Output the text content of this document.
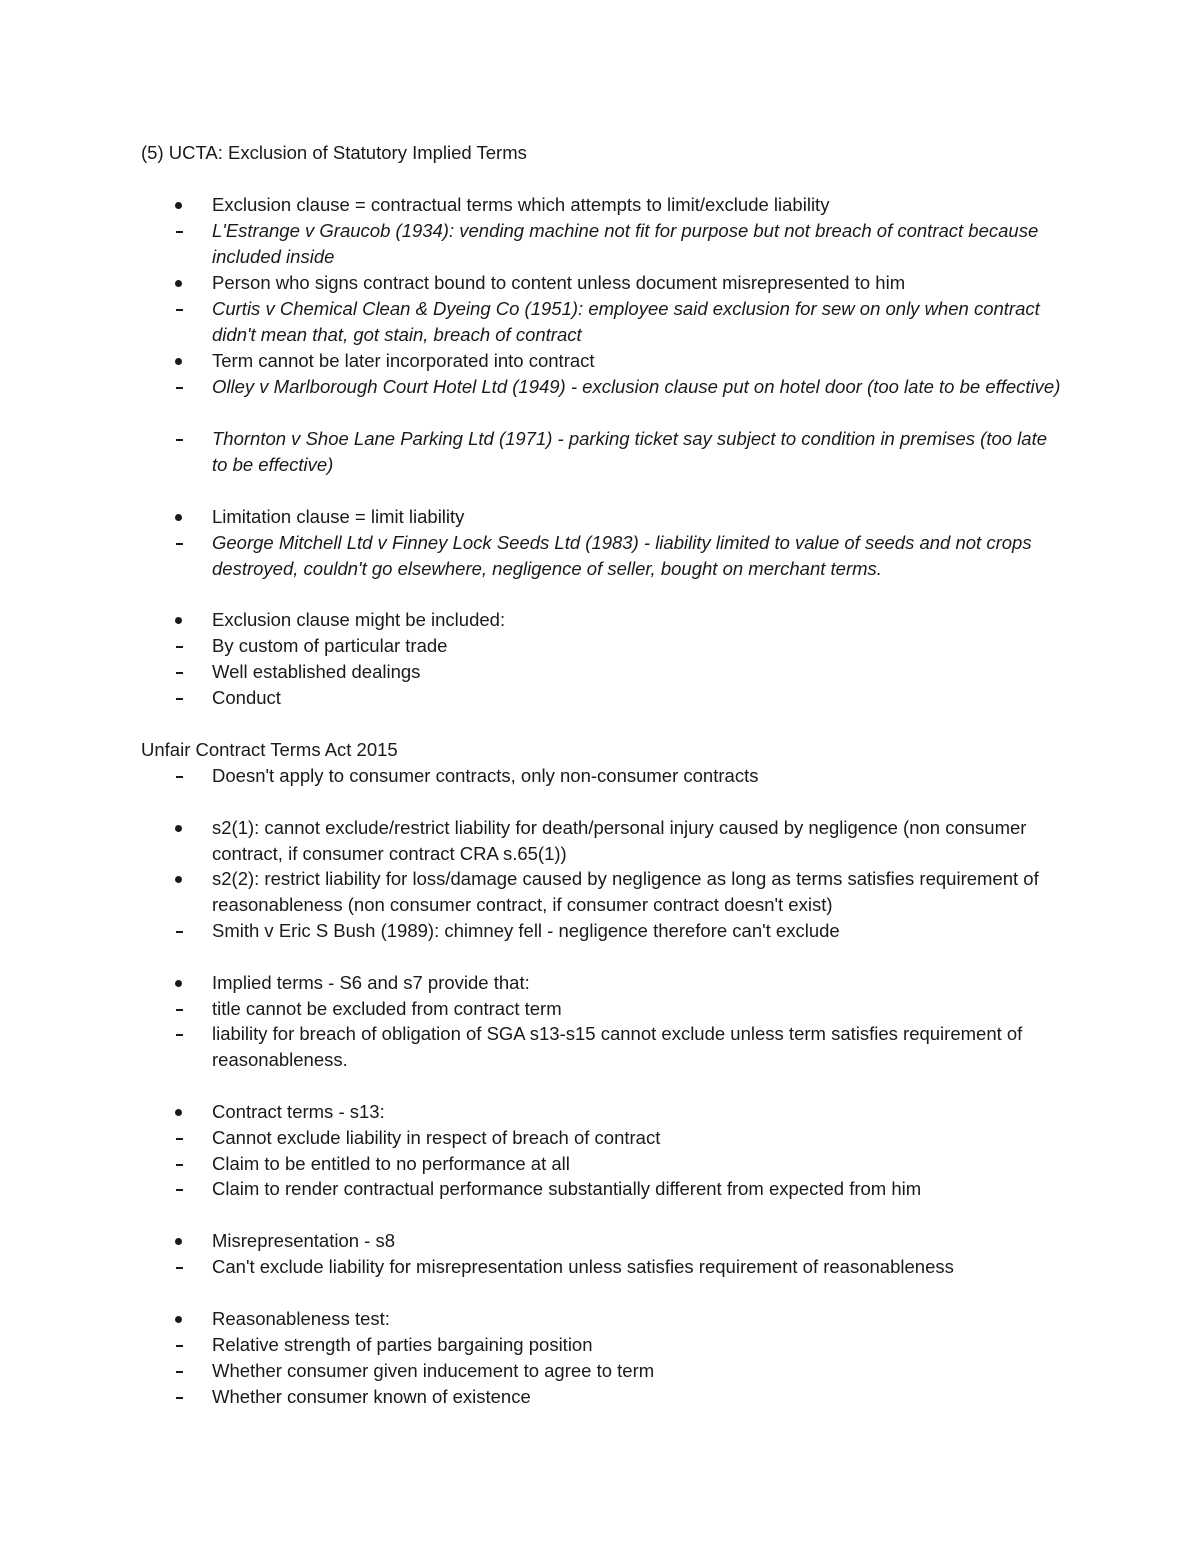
(5) UCTA: Exclusion of Statutory Implied Terms

Exclusion clause = contractual terms which attempts to limit/exclude liability
L'Estrange v Graucob (1934): vending machine not fit for purpose but not breach of contract because included inside
Person who signs contract bound to content unless document misrepresented to him
Curtis v Chemical Clean & Dyeing Co (1951): employee said exclusion for sew on only when contract didn't mean that, got stain, breach of contract
Term cannot be later incorporated into contract
Olley v Marlborough Court Hotel Ltd (1949) - exclusion clause put on hotel door (too late to be effective)
Thornton v Shoe Lane Parking Ltd (1971) - parking ticket say subject to condition in premises (too late to be effective)
Limitation clause = limit liability
George Mitchell Ltd v Finney Lock Seeds Ltd (1983) - liability limited to value of seeds and not crops destroyed, couldn't go elsewhere, negligence of seller, bought on merchant terms.
Exclusion clause might be included:
By custom of particular trade
Well established dealings
Conduct

Unfair Contract Terms Act 2015

Doesn't apply to consumer contracts, only non-consumer contracts
s2(1): cannot exclude/restrict liability for death/personal injury caused by negligence (non consumer contract, if consumer contract CRA s.65(1))
s2(2): restrict liability for loss/damage caused by negligence as long as terms satisfies requirement of reasonableness (non consumer contract, if consumer contract doesn't exist)
Smith v Eric S Bush (1989): chimney fell - negligence therefore can't exclude
Implied terms - S6 and s7 provide that:
title cannot be excluded from contract term
liability for breach of obligation of SGA s13-s15 cannot exclude unless term satisfies requirement of reasonableness.
Contract terms - s13:
Cannot exclude liability in respect of breach of contract
Claim to be entitled to no performance at all
Claim to render contractual performance substantially different from expected from him
Misrepresentation - s8
Can't exclude liability for misrepresentation unless satisfies requirement of reasonableness
Reasonableness test:
Relative strength of parties bargaining position
Whether consumer given inducement to agree to term
Whether consumer known of existence
